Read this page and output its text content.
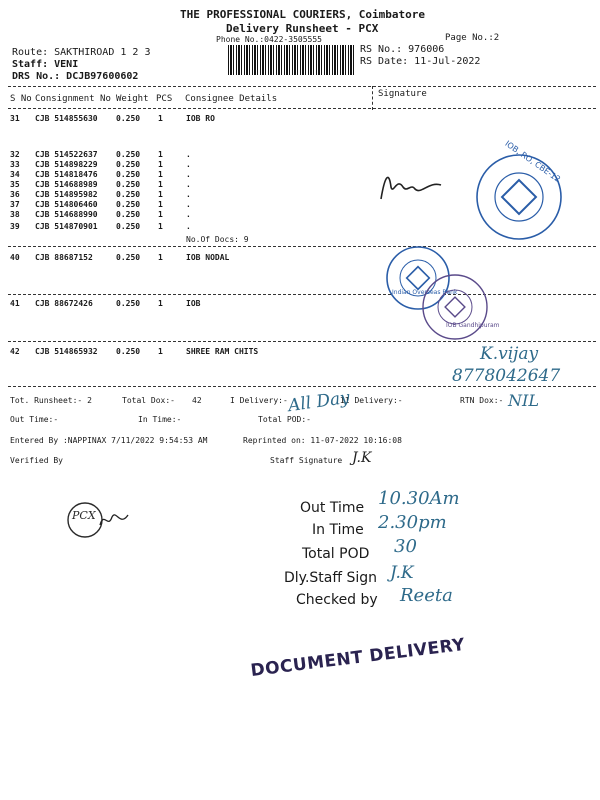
THE PROFESSIONAL COURIERS, Coimbatore
Delivery Runsheet - PCX
Phone No.:0422-3505555	Page No.:2
Route: SAKTHIROAD 1 2 3
Staff: VENI
DRS No.: DCJB97600602
RS No.: 976006
RS Date: 11-Jul-2022
S No Consignment No Weight PCS Consignee Details	Signature
31 CJB 514855630 0.250 1	IOB RO
32 CJB 514522637 0.250 1	.
33 CJB 514898229 0.250 1	.
34 CJB 514818476 0.250 1	.
35 CJB 514688989 0.250 1	.
36 CJB 514895982 0.250 1	.
37 CJB 514806460 0.250 1	.
38 CJB 514688990 0.250 1	.
39 CJB 514870901 0.250 1	.
No.Of Docs: 9
40 CJB 88687152	0.250 1	IOB NODAL
41 CJB 88672426	0.250 1	IOB
42 CJB 514865932 0.250 1	SHREE RAM CHITS
Tot. Runsheet:- 2	Total Dox:- 42	I Delivery:-	II Delivery:-	RTN Dox:-
Out Time:-	In Time:-	Total POD:-
Entered By :NAPPINAX 7/11/2022 9:54:53 AM	Reprinted on: 11-07-2022 10:16:08
Verified By	Staff Signature
K.vijay
8778042647
All Day	NIL
J.K
PCX	Out Time 10.30Am
In Time 2.30pm
Total POD 30
Dly.Staff Sign J.K
Checked by Reeta
DOCUMENT DELIVERY
IOB, RO, CBE-12
Indian Overseas Bank
IOB Gandhipuram
